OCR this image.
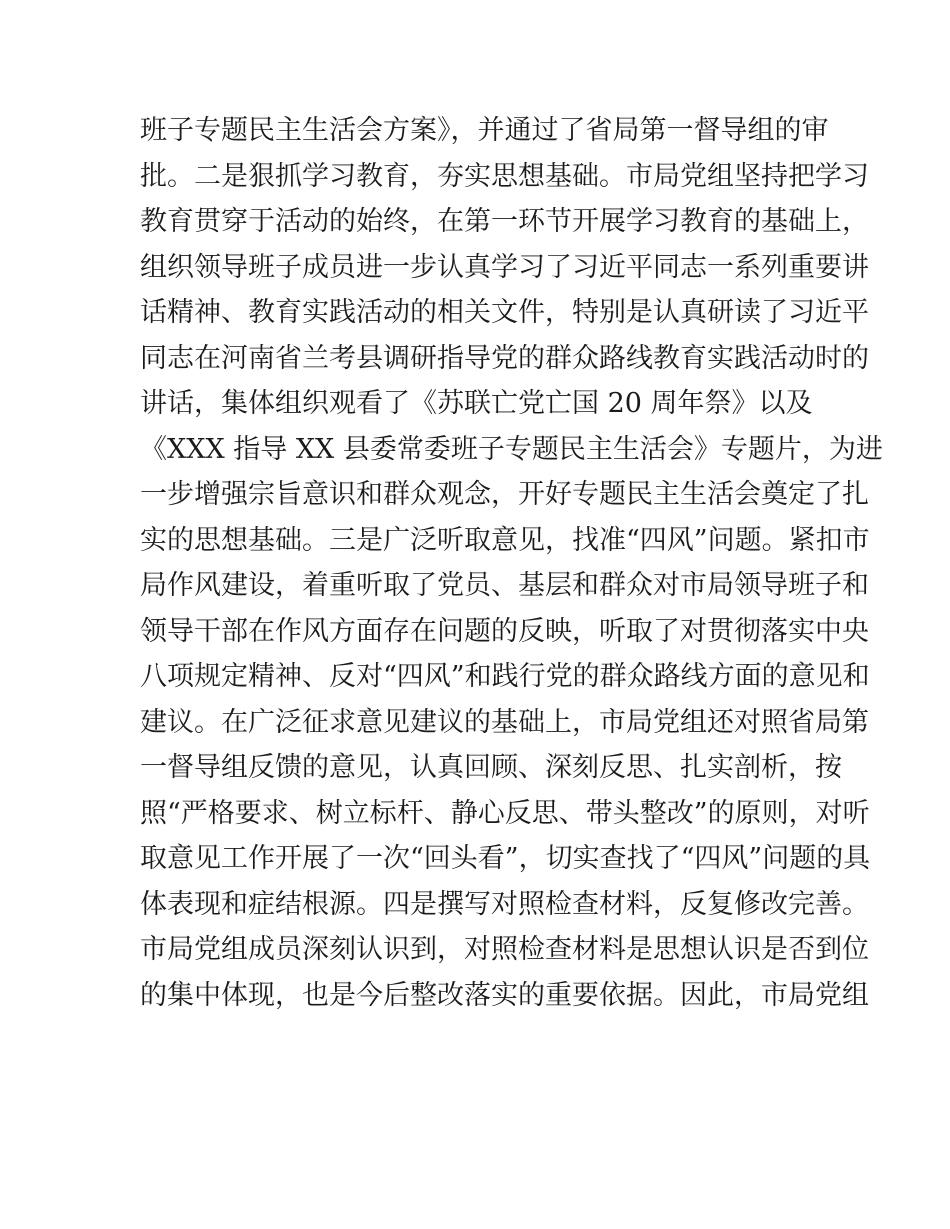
班子专题民主生活会方案》，并通过了省局第一督导组的审
批。二是狠抓学习教育，夯实思想基础。市局党组坚持把学习
教育贯穿于活动的始终，在第一环节开展学习教育的基础上，
组织领导班子成员进一步认真学习了习近平同志一系列重要讲
话精神、教育实践活动的相关文件，特别是认真研读了习近平
同志在河南省兰考县调研指导党的群众路线教育实践活动时的
讲话，集体组织观看了《苏联亡党亡国 20 周年祭》以及
《XXX 指导 XX 县委常委班子专题民主生活会》专题片，为进
一步增强宗旨意识和群众观念，开好专题民主生活会奠定了扎
实的思想基础。三是广泛听取意见，找准“四风”问题。紧扣市
局作风建设，着重听取了党员、基层和群众对市局领导班子和
领导干部在作风方面存在问题的反映，听取了对贯彻落实中央
八项规定精神、反对“四风”和践行党的群众路线方面的意见和
建议。在广泛征求意见建议的基础上，市局党组还对照省局第
一督导组反馈的意见，认真回顾、深刻反思、扎实剖析，按
照“严格要求、树立标杆、静心反思、带头整改”的原则，对听
取意见工作开展了一次“回头看”，切实查找了“四风”问题的具
体表现和症结根源。四是撰写对照检查材料，反复修改完善。
市局党组成员深刻认识到，对照检查材料是思想认识是否到位
的集中体现，也是今后整改落实的重要依据。因此，市局党组
